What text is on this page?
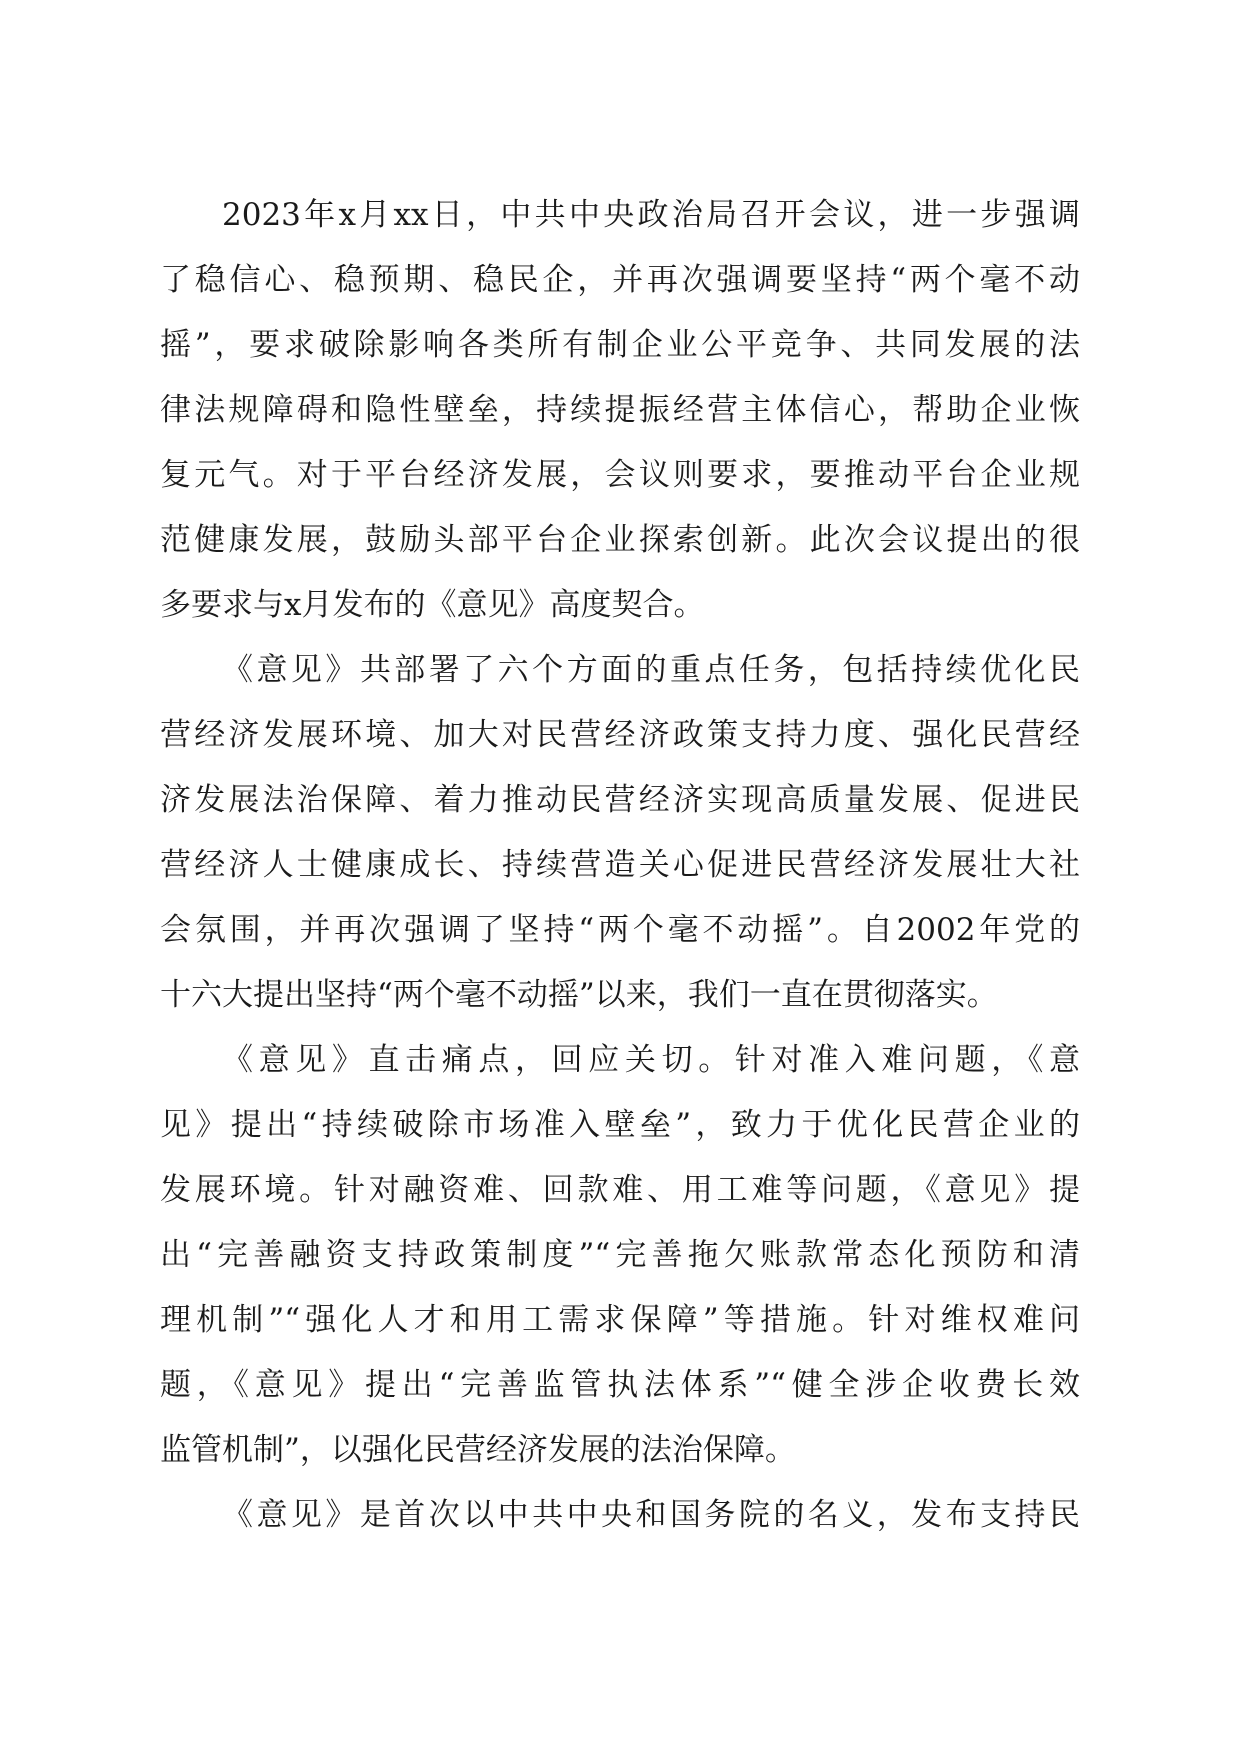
2023年x月xx日，中共中央政治局召开会议，进一步强调
了稳信心、稳预期、稳民企，并再次强调要坚持“两个毫不动
摇”，要求破除影响各类所有制企业公平竞争、共同发展的法
律法规障碍和隐性壁垒，持续提振经营主体信心，帮助企业恢
复元气。对于平台经济发展，会议则要求，要推动平台企业规
范健康发展，鼓励头部平台企业探索创新。此次会议提出的很
多要求与x月发布的《意见》高度契合。
《意见》共部署了六个方面的重点任务，包括持续优化民
营经济发展环境、加大对民营经济政策支持力度、强化民营经
济发展法治保障、着力推动民营经济实现高质量发展、促进民
营经济人士健康成长、持续营造关心促进民营经济发展壮大社
会氛围，并再次强调了坚持“两个毫不动摇”。自2002年党的
十六大提出坚持“两个毫不动摇”以来，我们一直在贯彻落实。
《意见》直击痛点，回应关切。针对准入难问题，《意
见》提出“持续破除市场准入壁垒”，致力于优化民营企业的
发展环境。针对融资难、回款难、用工难等问题，《意见》提
出“完善融资支持政策制度”“完善拖欠账款常态化预防和清
理机制”“强化人才和用工需求保障”等措施。针对维权难问
题，《意见》提出“完善监管执法体系”“健全涉企收费长效
监管机制”，以强化民营经济发展的法治保障。
《意见》是首次以中共中央和国务院的名义，发布支持民
